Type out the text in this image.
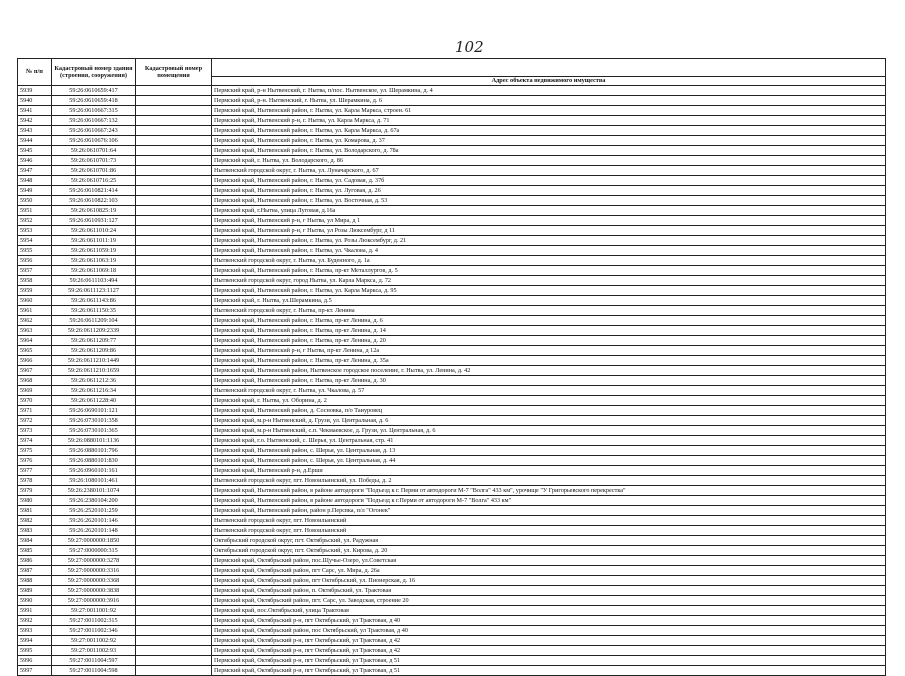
102
№ п/п	Кадастровый номер здания (строения, сооружения)	Кадастровый номер помещения	
			Адрес объекта недвижимого имущества
5939	59:26:0610659:417		Пермский край, р-н Нытвенский, г. Нытва, п/пос. Нытвенское, ул. Шерамкина, д. 4
5940	59:26:0610659:418		Пермский край, р-н. Нытвенский, г. Нытва, ул. Шерамкина, д. 6
5941	59:26:0610667:315		Пермский край, Нытвенский район, г. Нытва, ул. Карла Маркса, строен. 61
5942	59:26:0610667:132		Пермский край, Нытвенский р-н, г. Нытва, ул. Карла Маркса, д. 71
5943	59:26:0610667:243		Пермский край, Нытвенский район, г. Нытва, ул. Карла Маркса, д. 67а
5944	59:26:0610676:106		Пермский край, Нытвенский район, г. Нытва, ул. Комарова, д. 37
5945	59:26:0610701:64		Пермский край, Нытвенский район, г. Нытва, ул. Володарского, д. 78а
5946	59:26:0610701:73		Пермский край, г. Нытва, ул. Володарского, д. 86
5947	59:26:0610701:86		Нытвенский городской округ, г. Нытва, ул. Луначарского, д. 67
5948	59:26:0610716:25		Пермский край, Нытвенский район, г. Нытва, ул. Садовая, д. 37б
5949	59:26:0610821:414		Пермский край, Нытвенский район, г. Нытва, ул. Луговая, д. 26
5950	59:26:0610822:103		Пермский край, Нытвенский район, г. Нытва, ул. Восточная, д. 53
5951	59:26:0610825:19		Пермский край, г.Нытва, улица Луговая, д.16а
5952	59:26:0610931:127		Пермский край, Нытвенский р-н, г Нытва, ул Мира, д 1
5953	59:26:0611010:24		Пермский край, Нытвенский р-н, г Нытва, ул Розы Люксембург, д 11
5954	59:26:0611011:19		Пермский край, Нытвенский район, г. Нытва, ул. Розы Люксембург, д. 21
5955	59:26:0611059:19		Пермский край, Нытвенский район, г. Нытва, ул. Чкалова, д. 4
5956	59:26:0611063:19		Нытвенский городской округ, г. Нытва, ул. Буденного, д. 1а
5957	59:26:0611069:18		Пермский край, Нытвенский район, г. Нытва, пр-кт Металлургов, д. 5
5958	59:26:0611103:494		Нытвенский городской округ, город Нытва, ул. Карла Маркса, д. 72
5959	59:26:0611123:1127		Пермский край, Нытвенский район, г. Нытва, ул. Карла Маркса, д. 95
5960	59:26:0611143:86		Пермский край, г. Нытва, ул.Шерамкина, д.5
5961	59:26:0611150:35		Нытвенский городской округ, г. Нытва, пр-кт. Ленина
5962	59:26:0611209:104		Пермский край, Нытвенский район, г. Нытва, пр-кт Ленина, д. 6
5963	59:26:0611209:2339		Пермский край, Нытвенский район, г. Нытва, пр-кт Ленина, д. 14
5964	59:26:0611209:77		Пермский край, Нытвенский район, г. Нытва, пр-кт Ленина, д. 20
5965	59:26:0611209:86		Пермский край, Нытвенский р-н, г Нытва, пр-кт Ленина, д 12а
5966	59:26:0611210:1449		Пермский край, Нытвенский район, г. Нытва, пр-кт Ленина, д. 35а
5967	59:26:0611210:1659		Пермский край, Нытвенский район, Нытвенское городское поселение, г. Нытва, ул. Ленина, д. 42
5968	59:26:0611212:36		Пермский край, Нытвенский район, г. Нытва, пр-кт Ленина, д. 30
5969	59:26:0611216:34		Нытвенский городской округ, г. Нытва, ул. Чкалова, д. 57
5970	59:26:0611228:40		Пермский край, г. Нытва, ул. Оборина, д. 2
5971	59:26:0690101:121		Пермский край, Нытвенский район, д. Сосновка, п/о Таиуровец
5972	59:26:0730101:358		Пермский край, м.р-н Нытвенский, д. Грузи, ул. Центральная, д. 6
5973	59:26:0730101:365		Пермский край, м.р-н Нытвенский, с.п. Чекмаевское, д. Грузи, ул. Центральная, д. 6
5974	59:26:0880101:1136		Пермский край, г.о. Нытвенский, с. Шерья, ул. Центральная, стр. 41
5975	59:26:0880101:796		Пермский край, Нытвенский район, с. Шерья, ул. Центральная, д. 13
5976	59:26:0880101:830		Пермский край, Нытвенский район, с. Шерья, ул. Центральная, д. 44
5977	59:26:0960101:161		Пермский край, Нытвенский р-н, д.Ерши
5978	59:26:1080101:461		Нытвенский городской округ, пгт. Новоильинский, ул. Победы, д. 2
5979	59:26:2380101:1074		Пермский край, Нытвенский район, в районе автодороги "Подъезд к г. Перми от автодороги М-7 "Волга" 433 км", урочище "У Григорьевского перекрестка"
5980	59:26:2380104:200		Пермский край, Нытвенский район, в районе автодороги "Подъезд к г.Перми от автодороги М-7 "Волга" 433 км"
5981	59:26:2520101:259		Пермский край, Нытвенский район, район р.Персвка, п/л "Огонек"
5982	59:26:2620101:146		Нытвенский городской округ, пгт. Новоильинский
5983	59:26:2620101:148		Нытвенский городской округ, пгт. Новоильинский
5984	59:27:0000000:1850		Октябрьский городской округ, пгт. Октябрьский, ул. Радужная
5985	59:27:0000000:315		Октябрьский городской округ, пгт. Октябрьский, ул. Кирова, д. 20
5986	59:27:0000000:3278		Пермский край, Октябрьский район, пос.Щучье-Озеро, ул.Советская
5987	59:27:0000000:3316		Пермский край, Октябрьский район, пгт Сарс, ул. Мира, д. 26а
5988	59:27:0000000:3368		Пермский край, Октябрьский район, пгт Октябрьский, ул. Пионерская, д. 16
5989	59:27:0000000:3838		Пермский край, Октябрьский район, п. Октябрьский, ул. Трактовая
5990	59:27:0000000:3916		Пермский край, Октябрьский район, пгт. Сарс, ул. Заводская, строение 20
5991	59:27:0011001:92		Пермский край, пос.Октябрьский, улица Трактовая
5992	59:27:0011002:315		Пермский край, Октябрьский р-н, пгт Октябрьский, ул Трактовая, д 40
5993	59:27:0011002:346		Пермский край, Октябрьский район, пос Октябрьский, ул Трактовая, д 40
5994	59:27:0011002:92		Пермский край, Октябрьский р-н, пгт Октябрьский, ул Трактовая, д 42
5995	59:27:0011002:93		Пермский край, Октябрьский р-н, пгт Октябрьский, ул Трактовая, д 42
5996	59:27:0011004:597		Пермский край, Октябрьский р-н, пгт Октябрьский, ул Трактовая, д 51
5997	59:27:0011004:598		Пермский край, Октябрьский р-н, пгт Октябрьский, ул Трактовая, д 51
